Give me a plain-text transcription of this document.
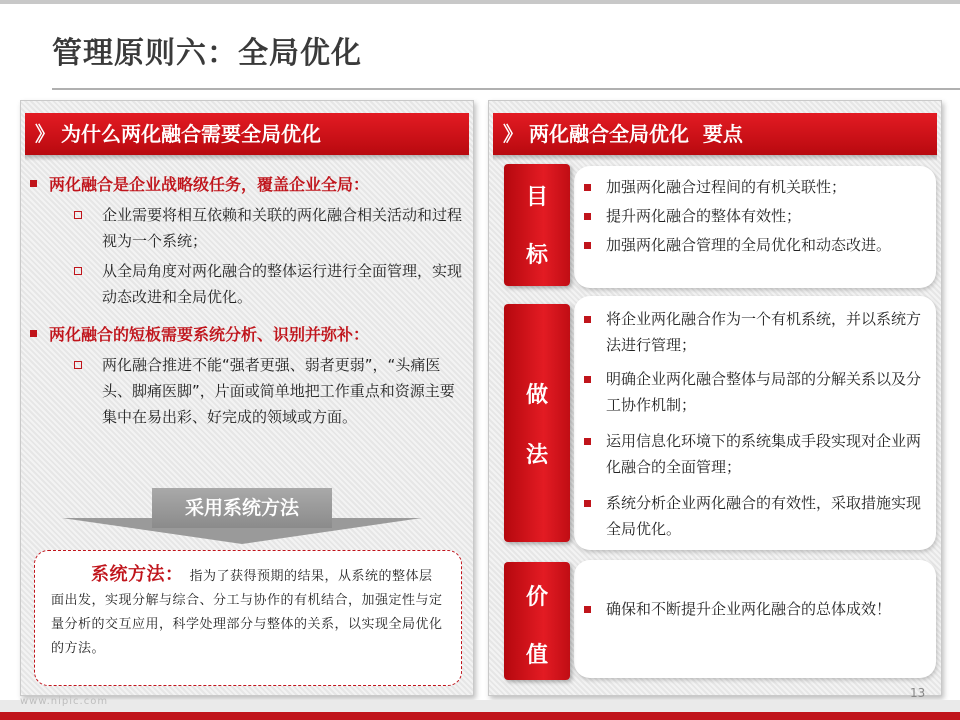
管理原则六：全局优化
》 为什么两化融合需要全局优化
两化融合是企业战略级任务，覆盖企业全局：
企业需要将相互依赖和关联的两化融合相关活动和过程视为一个系统；
从全局角度对两化融合的整体运行进行全面管理，实现动态改进和全局优化。
两化融合的短板需要系统分析、识别并弥补：
两化融合推进不能“强者更强、弱者更弱”，“头痛医头、脚痛医脚”，片面或简单地把工作重点和资源主要集中在易出彩、好完成的领域或方面。
采用系统方法
系统方法： 指为了获得预期的结果，从系统的整体层面出发，实现分解与综合、分工与协作的有机结合，加强定性与定量分析的交互应用，科学处理部分与整体的关系，以实现全局优化的方法。
》 两化融合全局优化  要点
目
标
加强两化融合过程间的有机关联性；
提升两化融合的整体有效性；
加强两化融合管理的全局优化和动态改进。
做
法
将企业两化融合作为一个有机系统，并以系统方法进行管理；
明确企业两化融合整体与局部的分解关系以及分工协作机制；
运用信息化环境下的系统集成手段实现对企业两化融合的全面管理；
系统分析企业两化融合的有效性，采取措施实现全局优化。
价
值
确保和不断提升企业两化融合的总体成效！
www.nipic.com
13
